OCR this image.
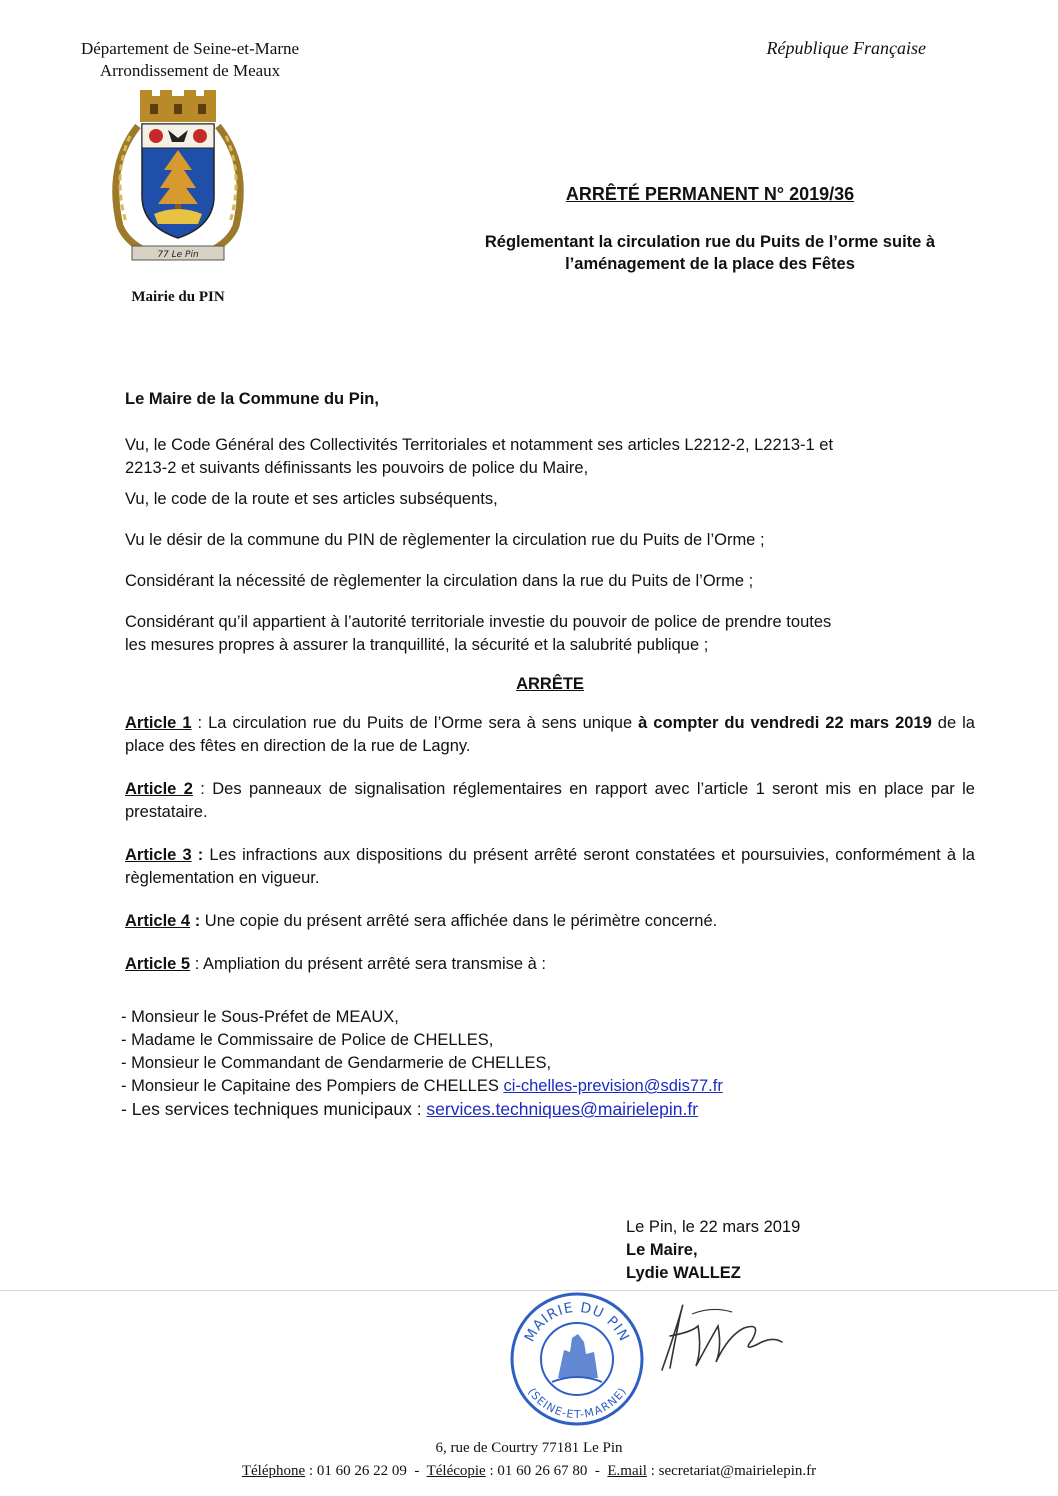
Département de Seine-et-Marne
Arrondissement de Meaux
République Française
77 Le Pin
Mairie du PIN
ARRÊTÉ PERMANENT N° 2019/36
Réglementant la circulation rue du Puits de l’orme suite à
l’aménagement de la place des Fêtes

Le Maire de la Commune du Pin,

Vu, le Code Général des Collectivités Territoriales et notamment ses articles L2212-2, L2213-1 et
2213-2 et suivants définissants les pouvoirs de police du Maire,

Vu, le code de la route et ses articles subséquents,

Vu le désir de la commune du PIN de règlementer la circulation rue du Puits de l’Orme ;

Considérant la nécessité de règlementer la circulation dans la rue du Puits de l’Orme ;

Considérant qu’il appartient à l’autorité territoriale investie du pouvoir de police de prendre toutes
les mesures propres à assurer la tranquillité, la sécurité et la salubrité publique ;

ARRÊTE

Article 1 : La circulation rue du Puits de l’Orme sera à sens unique à compter du vendredi 22 mars 2019 de la place des fêtes en direction de la rue de Lagny.

Article 2 : Des panneaux de signalisation réglementaires en rapport avec l’article 1 seront mis en place par le prestataire.

Article 3 : Les infractions aux dispositions du présent arrêté seront constatées et poursuivies, conformément à la règlementation en vigueur.

Article 4 : Une copie du présent arrêté sera affichée dans le périmètre concerné.

Article 5 : Ampliation du présent arrêté sera transmise à :

- Monsieur le Sous-Préfet de MEAUX,

- Madame le Commissaire de Police de CHELLES,

- Monsieur le Commandant de Gendarmerie de CHELLES,

- Monsieur le Capitaine des Pompiers de CHELLES ci-chelles-prevision@sdis77.fr

- Les services techniques municipaux : services.techniques@mairielepin.fr

Le Pin, le 22 mars 2019
Le Maire,
Lydie WALLEZ
MAIRIE DU PIN
(SEINE-ET-MARNE)
6, rue de Courtry 77181 Le Pin
Téléphone : 01 60 26 22 09  -  Télécopie : 01 60 26 67 80  -  E.mail : secretariat@mairielepin.fr
